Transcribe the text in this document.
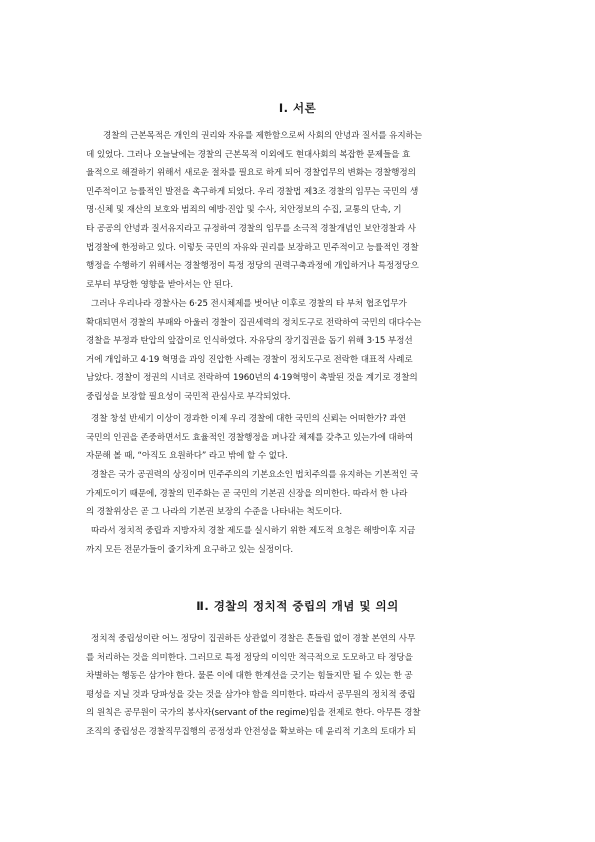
Ⅰ. 서론
경찰의 근본목적은 개인의 권리와 자유를 제한함으로써 사회의 안녕과 질서를 유지하는
데 있었다. 그러나 오늘날에는 경찰의 근본목적 이외에도 현대사회의 복잡한 문제들을 효
율적으로 해결하기 위해서 새로운 절차를 필요로 하게 되어 경찰업무의 변화는 경찰행정의
민주적이고 능률적인 발전을 촉구하게 되었다. 우리 경찰법 제3조 경찰의 임무는 국민의 생
명·신체 및 재산의 보호와 범죄의 예방·진압 및 수사, 치안정보의 수집, 교통의 단속, 기
타 공공의 안녕과 질서유지라고 규정하여 경찰의 임무를 소극적 경찰개념인 보안경찰과 사
법경찰에 한정하고 있다. 이렇듯 국민의 자유와 권리를 보장하고 민주적이고 능률적인 경찰
행정을 수행하기 위해서는 경찰행정이 특정 정당의 권력구축과정에 개입하거나 특정정당으
로부터 부당한 영향을 받아서는 안 된다.
그러나 우리나라 경찰사는 6·25 전시체제를 벗어난 이후로 경찰의 타 부처 협조업무가
확대되면서 경찰의 부패와 아울러 경찰이 집권세력의 정치도구로 전락하여 국민의 대다수는
경찰을 부정과 탄압의 앞잡이로 인식하였다. 자유당의 장기집권을 돕기 위해 3·15 부정선
거에 개입하고 4·19 혁명을 과잉 진압한 사례는 경찰이 정치도구로 전락한 대표적 사례로
남았다. 경찰이 정권의 시녀로 전락하여 1960년의 4·19혁명이 촉발된 것을 계기로 경찰의
중립성을 보장할 필요성이 국민적 관심사로 부각되었다.
경찰 창설 반세기 이상이 경과한 이제 우리 경찰에 대한 국민의 신뢰는 어떠한가? 과연
국민의 인권을 존중하면서도 효율적인 경찰행정을 펴나갈 체제를 갖추고 있는가에 대하여
자문해 볼 때, “아직도 요원하다” 라고 밖에 할 수 없다.
경찰은 국가 공권력의 상징이며 민주주의의 기본요소인 법치주의를 유지하는 기본적인 국
가제도이기 때문에, 경찰의 민주화는 곧 국민의 기본권 신장을 의미한다. 따라서 한 나라
의 경찰위상은 곧 그 나라의 기본권 보장의 수준을 나타내는 척도이다.
따라서 정치적 중립과 지방자치 경찰 제도를 실시하기 위한 제도적 요청은 해방이후 지금
까지 모든 전문가들이 줄기차게 요구하고 있는 실정이다.
Ⅱ. 경찰의 정치적 중립의 개념 및 의의
정치적 중립성이란 어느 정당이 집권하든 상관없이 경찰은 흔들림 없이 경찰 본연의 사무
를 처리하는 것을 의미한다. 그러므로 특정 정당의 이익만 적극적으로 도모하고 타 정당을
차별하는 행동은 삼가야 한다. 물론 이에 대한 한계선을 긋기는 힘들지만 될 수 있는 한 공
평성을 지닐 것과 당파성을 갖는 것을 삼가야 함을 의미한다. 따라서 공무원의 정치적 중립
의 원칙은 공무원이 국가의 봉사자(servant of the regime)임을 전제로 한다. 아무튼 경찰
조직의 중립성은 경찰직무집행의 공정성과 안전성을 확보하는 데 윤리적 기초의 토대가 되
